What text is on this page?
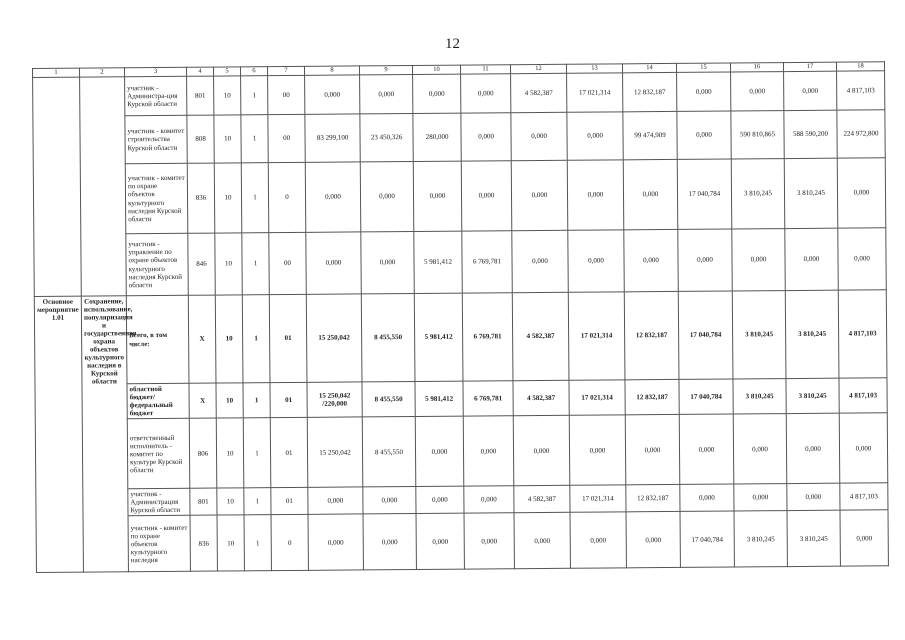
12
1	2	3	4	5	6	7	8	9	10	11	12	13	14	15	16	17	18
		участник - Администра-ция Курской области	801	10	1	00	0,000	0,000	0,000	0,000	4 582,387	17 021,314	12 832,187	0,000	0,000	0,000	4 817,103
		участник - комитет строительства Курской области	808	10	1	00	83 299,100	23 450,326	280,000	0,000	0,000	0,000	99 474,909	0,000	590 810,865	588 590,200	224 972,800
		участник - комитет по охране объектов культурного наследия Курской области	836	10	1	0	0,000	0,000	0,000	0,000	0,000	0,000	0,000	17 040,784	3 810,245	3 810,245	0,000
		участник - управление по охране объектов культурного наследия Курской области	846	10	1	00	0,000	0,000	5 981,412	6 769,781	0,000	0,000	0,000	0,000	0,000	0,000	0,000
Основное мероприятие 1.01	Сохранение, использование, популяризация и государственная охрана объектов культурного наследия в Курской области	Всего, в том числе:	X	10	1	01	15 250,042	8 455,550	5 981,412	6 769,781	4 582,387	17 021,314	12 832,187	17 040,784	3 810,245	3 810,245	4 817,103
		областной бюджет/ федеральный бюджет	X	10	1	01	15 250,042 /220,000	8 455,550	5 981,412	6 769,781	4 582,387	17 021,314	12 832,187	17 040,784	3 810,245	3 810,245	4 817,103
		ответственный исполнитель - комитет по культуре Курской области	806	10	1	01	15 250,042	8 455,550	0,000	0,000	0,000	0,000	0,000	0,000	0,000	0,000	0,000
		участник - Администрация Курской области	801	10	1	01	0,000	0,000	0,000	0,000	4 582,387	17 021,314	12 832,187	0,000	0,000	0,000	4 817,103
		участник - комитет по охране объектов культурного наследия	836	10	1	0	0,000	0,000	0,000	0,000	0,000	0,000	0,000	17 040,784	3 810,245	3 810,245	0,000
